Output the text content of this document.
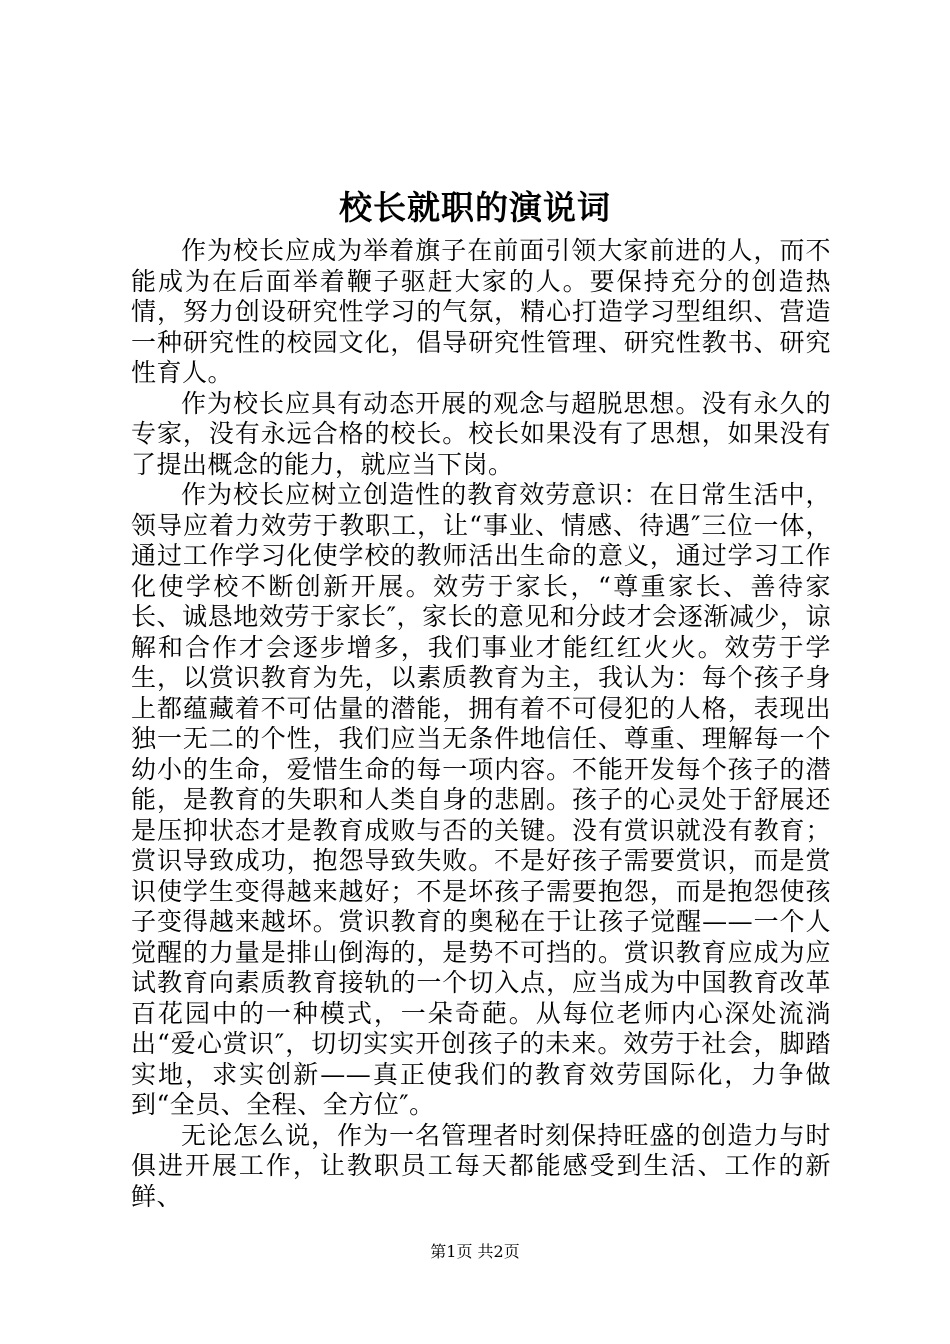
校长就职的演说词

作为校长应成为举着旗子在前面引领大家前进的人，而不能成为在后面举着鞭子驱赶大家的人。要保持充分的创造热情，努力创设研究性学习的气氛，精心打造学习型组织、营造一种研究性的校园文化，倡导研究性管理、研究性教书、研究性育人。

作为校长应具有动态开展的观念与超脱思想。没有永久的专家，没有永远合格的校长。校长如果没有了思想，如果没有了提出概念的能力，就应当下岗。

作为校长应树立创造性的教育效劳意识：在日常生活中，领导应着力效劳于教职工，让“事业、情感、待遇″三位一体，通过工作学习化使学校的教师活出生命的意义，通过学习工作化使学校不断创新开展。效劳于家长，“尊重家长、善待家长、诚恳地效劳于家长″，家长的意见和分歧才会逐渐减少，谅解和合作才会逐步增多，我们事业才能红红火火。效劳于学生，以赏识教育为先，以素质教育为主，我认为：每个孩子身上都蕴藏着不可估量的潜能，拥有着不可侵犯的人格，表现出独一无二的个性，我们应当无条件地信任、尊重、理解每一个幼小的生命，爱惜生命的每一项内容。不能开发每个孩子的潜能，是教育的失职和人类自身的悲剧。孩子的心灵处于舒展还是压抑状态才是教育成败与否的关键。没有赏识就没有教育；赏识导致成功，抱怨导致失败。不是好孩子需要赏识，而是赏识使学生变得越来越好；不是坏孩子需要抱怨，而是抱怨使孩子变得越来越坏。赏识教育的奥秘在于让孩子觉醒——一个人觉醒的力量是排山倒海的，是势不可挡的。赏识教育应成为应试教育向素质教育接轨的一个切入点，应当成为中国教育改革百花园中的一种模式，一朵奇葩。从每位老师内心深处流淌出“爱心赏识″，切切实实开创孩子的未来。效劳于社会，脚踏实地，求实创新——真正使我们的教育效劳国际化，力争做到“全员、全程、全方位″。

无论怎么说，作为一名管理者时刻保持旺盛的创造力与时俱进开展工作，让教职员工每天都能感受到生活、工作的新鲜、

第1页 共2页
